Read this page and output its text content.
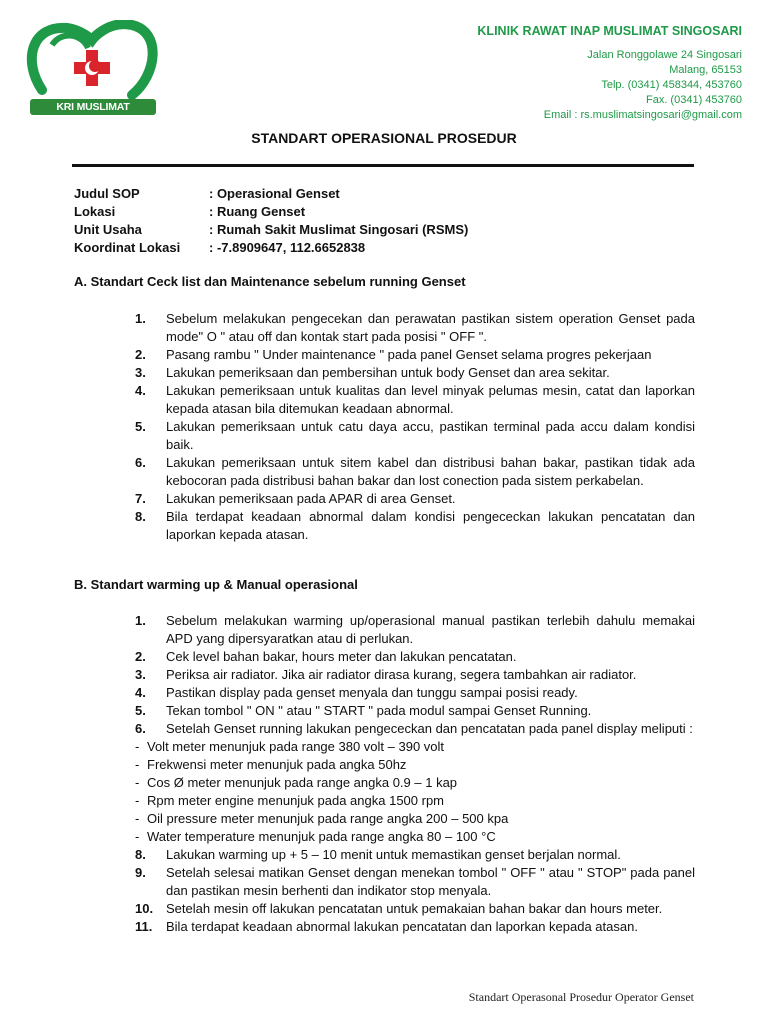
KRI MUSLIMAT SINGOSARI
KLINIK RAWAT INAP MUSLIMAT SINGOSARI
Jalan Ronggolawe 24 Singosari
Malang, 65153
Telp. (0341) 458344, 453760
Fax. (0341) 453760
Email : rs.muslimatsingosari@gmail.com
STANDART OPERASIONAL PROSEDUR
Judul SOP	: Operasional Genset
Lokasi	: Ruang Genset
Unit Usaha	: Rumah Sakit Muslimat Singosari (RSMS)
Koordinat Lokasi	: -7.8909647, 112.6652838
A. Standart Ceck list dan Maintenance sebelum running Genset
1.	Sebelum melakukan pengecekan dan perawatan pastikan sistem operation Genset pada mode" O " atau off dan kontak start pada posisi " OFF ".
2.	Pasang rambu " Under maintenance " pada panel Genset selama progres pekerjaan
3.	Lakukan pemeriksaan dan pembersihan untuk body Genset dan area sekitar.
4.	Lakukan pemeriksaan untuk kualitas dan level minyak pelumas mesin, catat dan laporkan kepada atasan bila ditemukan keadaan abnormal.
5.	Lakukan pemeriksaan untuk catu daya accu, pastikan terminal pada accu dalam kondisi baik.
6.	Lakukan pemeriksaan untuk sitem kabel dan distribusi bahan bakar, pastikan tidak ada kebocoran pada distribusi bahan bakar dan lost conection pada sistem perkabelan.
7.	Lakukan pemeriksaan pada APAR di area Genset.
8.	Bila terdapat keadaan abnormal dalam kondisi pengececkan lakukan pencatatan dan laporkan kepada atasan.
B. Standart warming up & Manual operasional
1.	Sebelum melakukan warming up/operasional manual pastikan terlebih dahulu memakai APD yang dipersyaratkan atau di perlukan.
2.	Cek level bahan bakar, hours meter dan lakukan pencatatan.
3.	Periksa air radiator. Jika air radiator dirasa kurang, segera tambahkan air radiator.
4.	Pastikan display pada genset menyala dan tunggu sampai posisi ready.
5.	Tekan tombol " ON " atau " START " pada modul sampai Genset Running.
6.	Setelah Genset running lakukan pengececkan dan pencatatan pada panel display meliputi :
- Volt meter menunjuk pada range 380 volt – 390 volt
- Frekwensi meter menunjuk pada angka 50hz
- Cos Ø meter menunjuk pada range angka 0.9 – 1 kap
- Rpm meter engine menunjuk pada angka 1500 rpm
- Oil pressure meter menunjuk pada range angka 200 – 500 kpa
- Water temperature menunjuk pada range angka 80 – 100 °C
8.	Lakukan warming up + 5 – 10 menit untuk memastikan genset berjalan normal.
9.	Setelah selesai matikan Genset dengan menekan tombol " OFF " atau " STOP" pada panel dan pastikan mesin berhenti dan indikator stop menyala.
10. Setelah mesin off lakukan pencatatan untuk pemakaian bahan bakar dan hours meter.
11.	Bila terdapat keadaan abnormal lakukan pencatatan dan laporkan kepada atasan.
Standart Operasonal Prosedur Operator Genset
